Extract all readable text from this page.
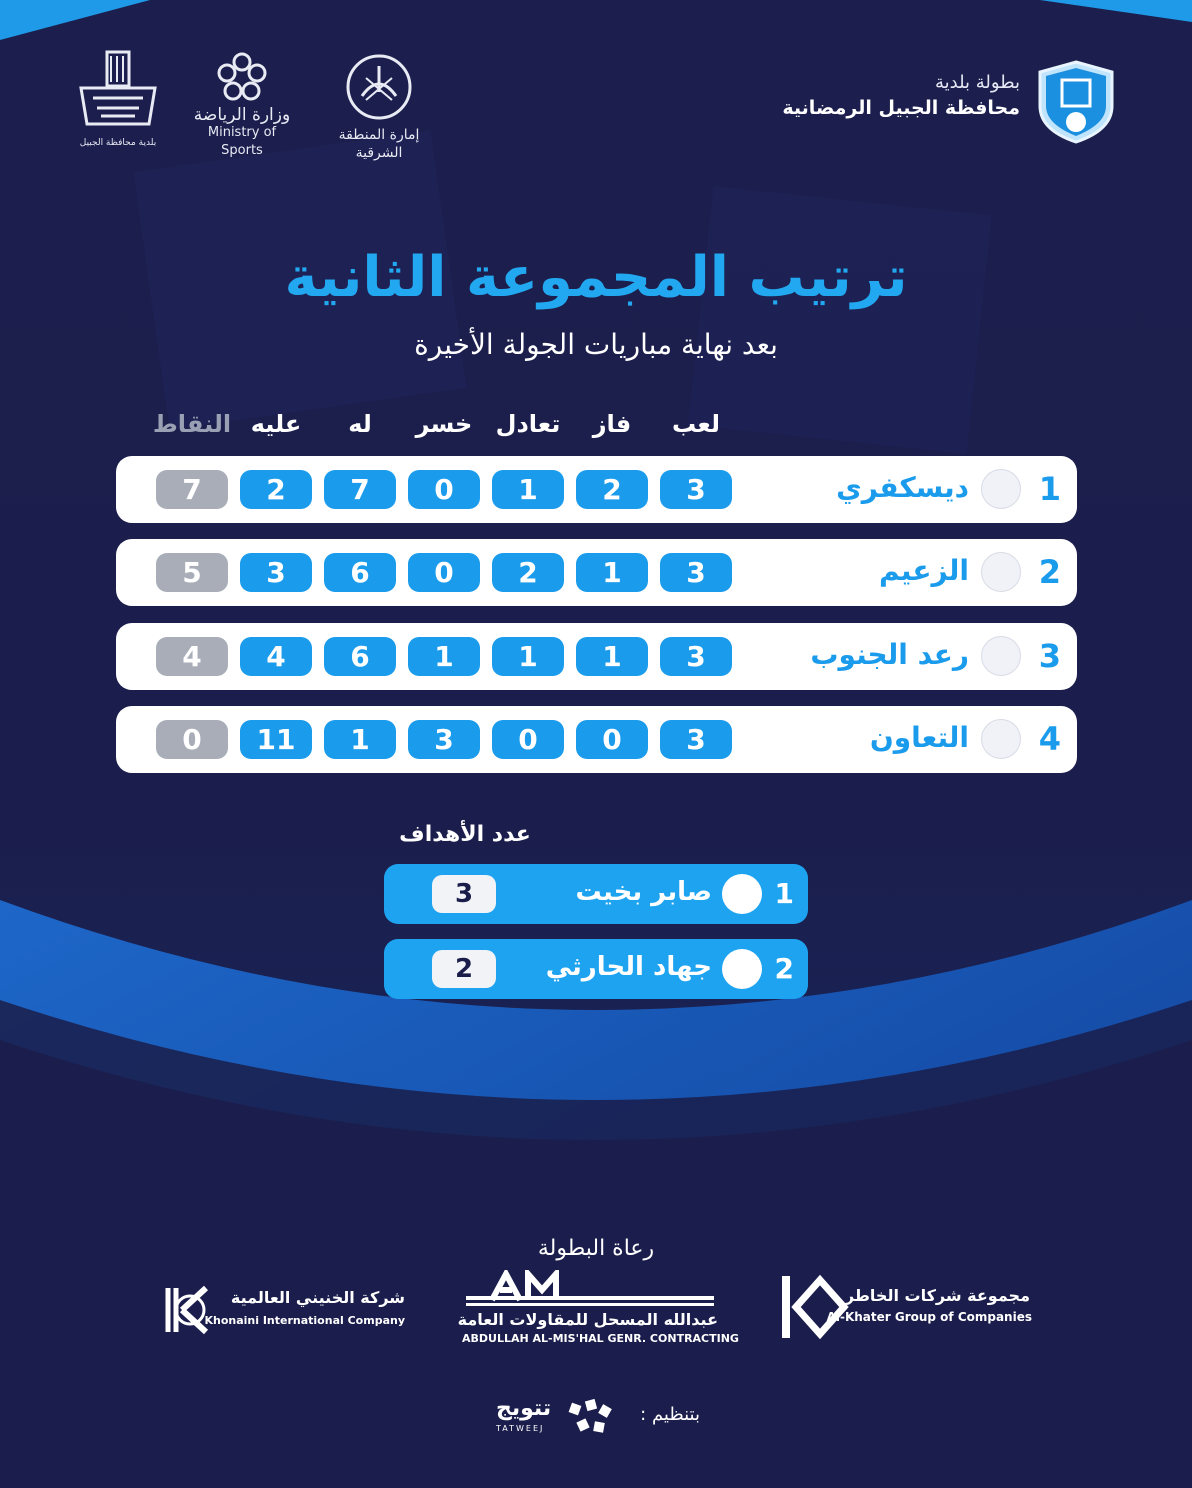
بطولة بلدية
محافظة الجبيل الرمضانية
إمارة المنطقة الشرقية
وزارة الرياضة
Ministry of Sports
بلدية محافظة الجبيل
ترتيب المجموعة الثانية
بعد نهاية مباريات الجولة الأخيرة
لعب
فاز
تعادل
خسر
له
عليه
النقاط
1
ديسكفري
3
2
1
0
7
2
7
2
الزعيم
3
1
2
0
6
3
5
3
رعد الجنوب
3
1
1
1
6
4
4
4
التعاون
3
0
0
3
1
11
0
عدد الأهداف
1
صابر بخيت
3
2
جهاد الحارثي
2
رعاة البطولة
شركة الخنيني العالمية
Khonaini International Company	عبدالله المسحل للمقاولات العامة
ABDULLAH AL-MIS'HAL GENR. CONTRACTING
مجموعة شركات الخاطر
Al-Khater Group of Companies
بتنظيم :
تتويج
TATWEEJ
